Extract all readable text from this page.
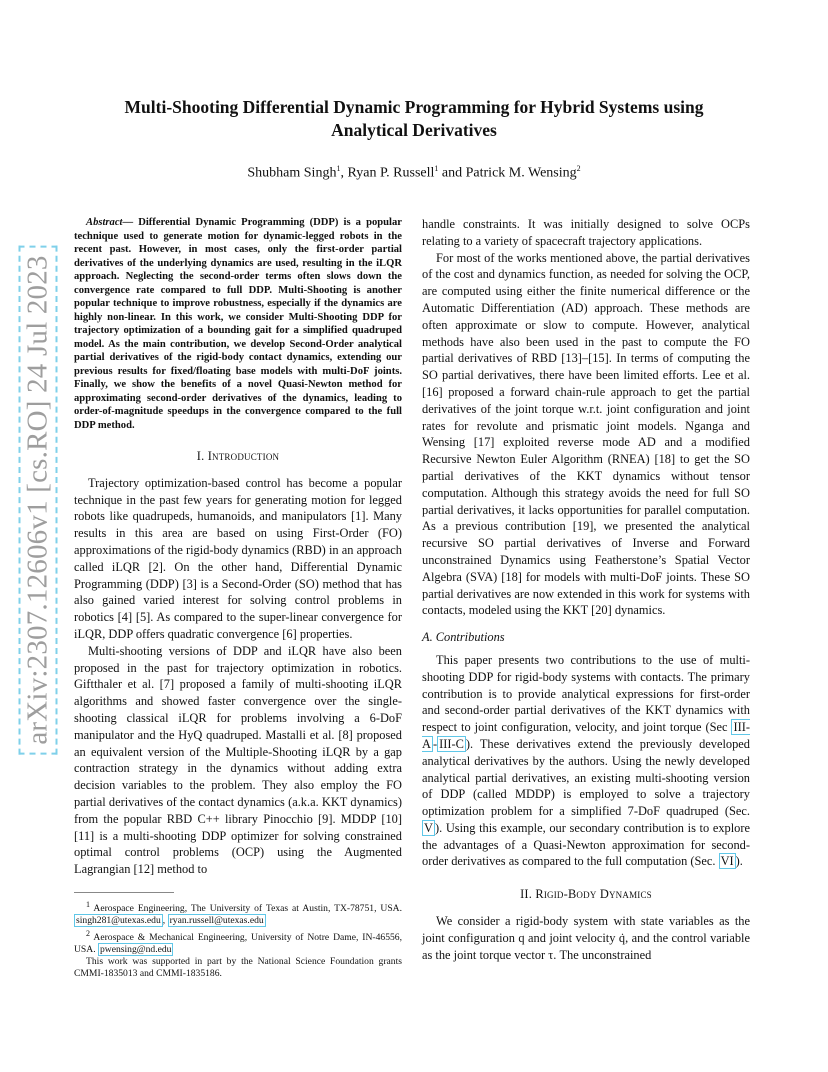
arXiv:2307.12606v1 [cs.RO] 24 Jul 2023
Multi-Shooting Differential Dynamic Programming for Hybrid Systems using Analytical Derivatives
Shubham Singh$^1$, Ryan P. Russell$^1$ and Patrick M. Wensing$^2$

Abstract— Differential Dynamic Programming (DDP) is a popular technique used to generate motion for dynamic-legged robots in the recent past. However, in most cases, only the first-order partial derivatives of the underlying dynamics are used, resulting in the iLQR approach. Neglecting the second-order terms often slows down the convergence rate compared to full DDP. Multi-Shooting is another popular technique to improve robustness, especially if the dynamics are highly non-linear. In this work, we consider Multi-Shooting DDP for trajectory optimization of a bounding gait for a simplified quadruped model. As the main contribution, we develop Second-Order analytical partial derivatives of the rigid-body contact dynamics, extending our previous results for fixed/floating base models with multi-DoF joints. Finally, we show the benefits of a novel Quasi-Newton method for approximating second-order derivatives of the dynamics, leading to order-of-magnitude speedups in the convergence compared to the full DDP method.

I. Introduction

Trajectory optimization-based control has become a popular technique in the past few years for generating motion for legged robots like quadrupeds, humanoids, and manipulators [1]. Many results in this area are based on using First-Order (FO) approximations of the rigid-body dynamics (RBD) in an approach called iLQR [2]. On the other hand, Differential Dynamic Programming (DDP) [3] is a Second-Order (SO) method that has also gained varied interest for solving control problems in robotics [4] [5]. As compared to the super-linear convergence for iLQR, DDP offers quadratic convergence [6] properties.

Multi-shooting versions of DDP and iLQR have also been proposed in the past for trajectory optimization in robotics. Giftthaler et al. [7] proposed a family of multi-shooting iLQR algorithms and showed faster convergence over the single-shooting classical iLQR for problems involving a 6-DoF manipulator and the HyQ quadruped. Mastalli et al. [8] proposed an equivalent version of the Multiple-Shooting iLQR by a gap contraction strategy in the dynamics without adding extra decision variables to the problem. They also employ the FO partial derivatives of the contact dynamics (a.k.a. KKT dynamics) from the popular RBD C++ library Pinocchio [9]. MDDP [10] [11] is a multi-shooting DDP optimizer for solving constrained optimal control problems (OCP) using the Augmented Lagrangian [12] method to

$^1$ Aerospace Engineering, The University of Texas at Austin, TX-78751, USA. singh281@utexas.edu , ryan.russell@utexas.edu
$^2$ Aerospace & Mechanical Engineering, University of Notre Dame, IN-46556, USA. pwensing@nd.edu
This work was supported in part by the National Science Foundation grants CMMI-1835013 and CMMI-1835186.

handle constraints. It was initially designed to solve OCPs relating to a variety of spacecraft trajectory applications.

For most of the works mentioned above, the partial derivatives of the cost and dynamics function, as needed for solving the OCP, are computed using either the finite numerical difference or the Automatic Differentiation (AD) approach. These methods are often approximate or slow to compute. However, analytical methods have also been used in the past to compute the FO partial derivatives of RBD [13]–[15]. In terms of computing the SO partial derivatives, there have been limited efforts. Lee et al. [16] proposed a forward chain-rule approach to get the partial derivatives of the joint torque w.r.t. joint configuration and joint rates for revolute and prismatic joint models. Nganga and Wensing [17] exploited reverse mode AD and a modified Recursive Newton Euler Algorithm (RNEA) [18] to get the SO partial derivatives of the KKT dynamics without tensor computation. Although this strategy avoids the need for full SO partial derivatives, it lacks opportunities for parallel computation. As a previous contribution [19], we presented the analytical recursive SO partial derivatives of Inverse and Forward unconstrained Dynamics using Featherstone’s Spatial Vector Algebra (SVA) [18] for models with multi-DoF joints. These SO partial derivatives are now extended in this work for systems with contacts, modeled using the KKT [20] dynamics.

A. Contributions

This paper presents two contributions to the use of multi-shooting DDP for rigid-body systems with contacts. The primary contribution is to provide analytical expressions for first-order and second-order partial derivatives of the KKT dynamics with respect to joint configuration, velocity, and joint torque (Sec III-A - III-C ). These derivatives extend the previously developed analytical derivatives by the authors. Using the newly developed analytical partial derivatives, an existing multi-shooting version of DDP (called MDDP) is employed to solve a trajectory optimization problem for a simplified 7-DoF quadruped (Sec. V ). Using this example, our secondary contribution is to explore the advantages of a Quasi-Newton approximation for second-order derivatives as compared to the full computation (Sec. VI ).

II. Rigid-Body Dynamics

We consider a rigid-body system with state variables as the joint configuration q and joint velocity q̇, and the control variable as the joint torque vector τ. The unconstrained
